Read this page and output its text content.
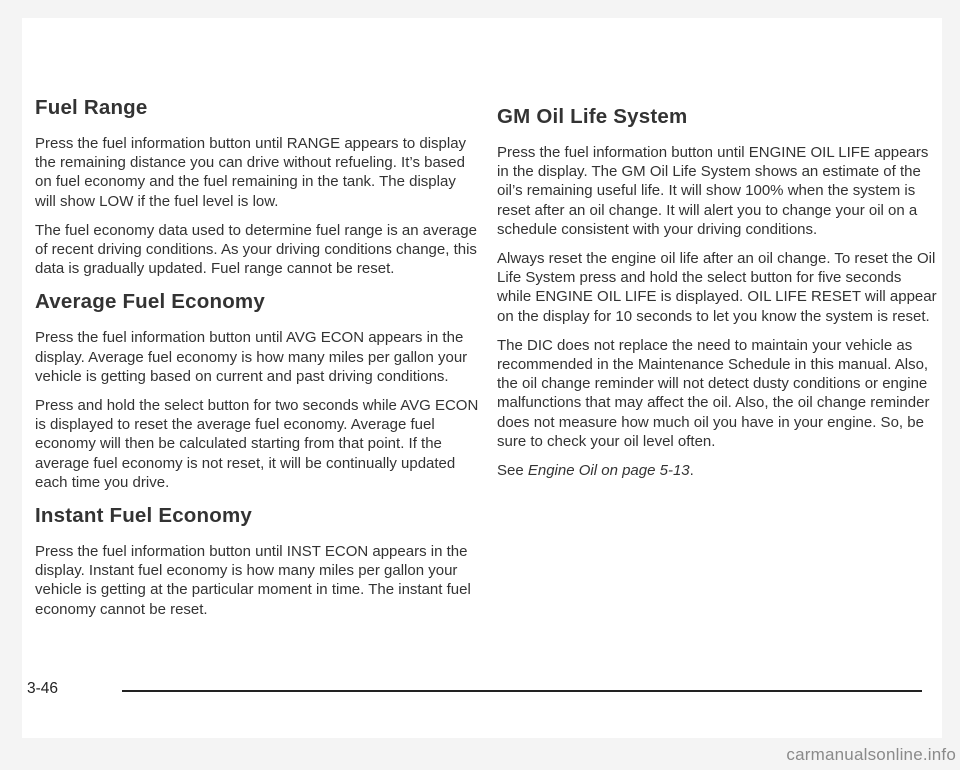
Fuel Range

Press the fuel information button until RANGE appears to display the remaining distance you can drive without refueling. It’s based on fuel economy and the fuel remaining in the tank. The display will show LOW if the fuel level is low.

The fuel economy data used to determine fuel range is an average of recent driving conditions. As your driving conditions change, this data is gradually updated. Fuel range cannot be reset.

Average Fuel Economy

Press the fuel information button until AVG ECON appears in the display. Average fuel economy is how many miles per gallon your vehicle is getting based on current and past driving conditions.

Press and hold the select button for two seconds while AVG ECON is displayed to reset the average fuel economy. Average fuel economy will then be calculated starting from that point. If the average fuel economy is not reset, it will be continually updated each time you drive.

Instant Fuel Economy

Press the fuel information button until INST ECON appears in the display. Instant fuel economy is how many miles per gallon your vehicle is getting at the particular moment in time. The instant fuel economy cannot be reset.

GM Oil Life System

Press the fuel information button until ENGINE OIL LIFE appears in the display. The GM Oil Life System shows an estimate of the oil’s remaining useful life. It will show 100% when the system is reset after an oil change. It will alert you to change your oil on a schedule consistent with your driving conditions.

Always reset the engine oil life after an oil change. To reset the Oil Life System press and hold the select button for five seconds while ENGINE OIL LIFE is displayed. OIL LIFE RESET will appear on the display for 10 seconds to let you know the system is reset.

The DIC does not replace the need to maintain your vehicle as recommended in the Maintenance Schedule in this manual. Also, the oil change reminder will not detect dusty conditions or engine malfunctions that may affect the oil. Also, the oil change reminder does not measure how much oil you have in your engine. So, be sure to check your oil level often.

See Engine Oil on page 5-13.

3-46
carmanualsonline.info
